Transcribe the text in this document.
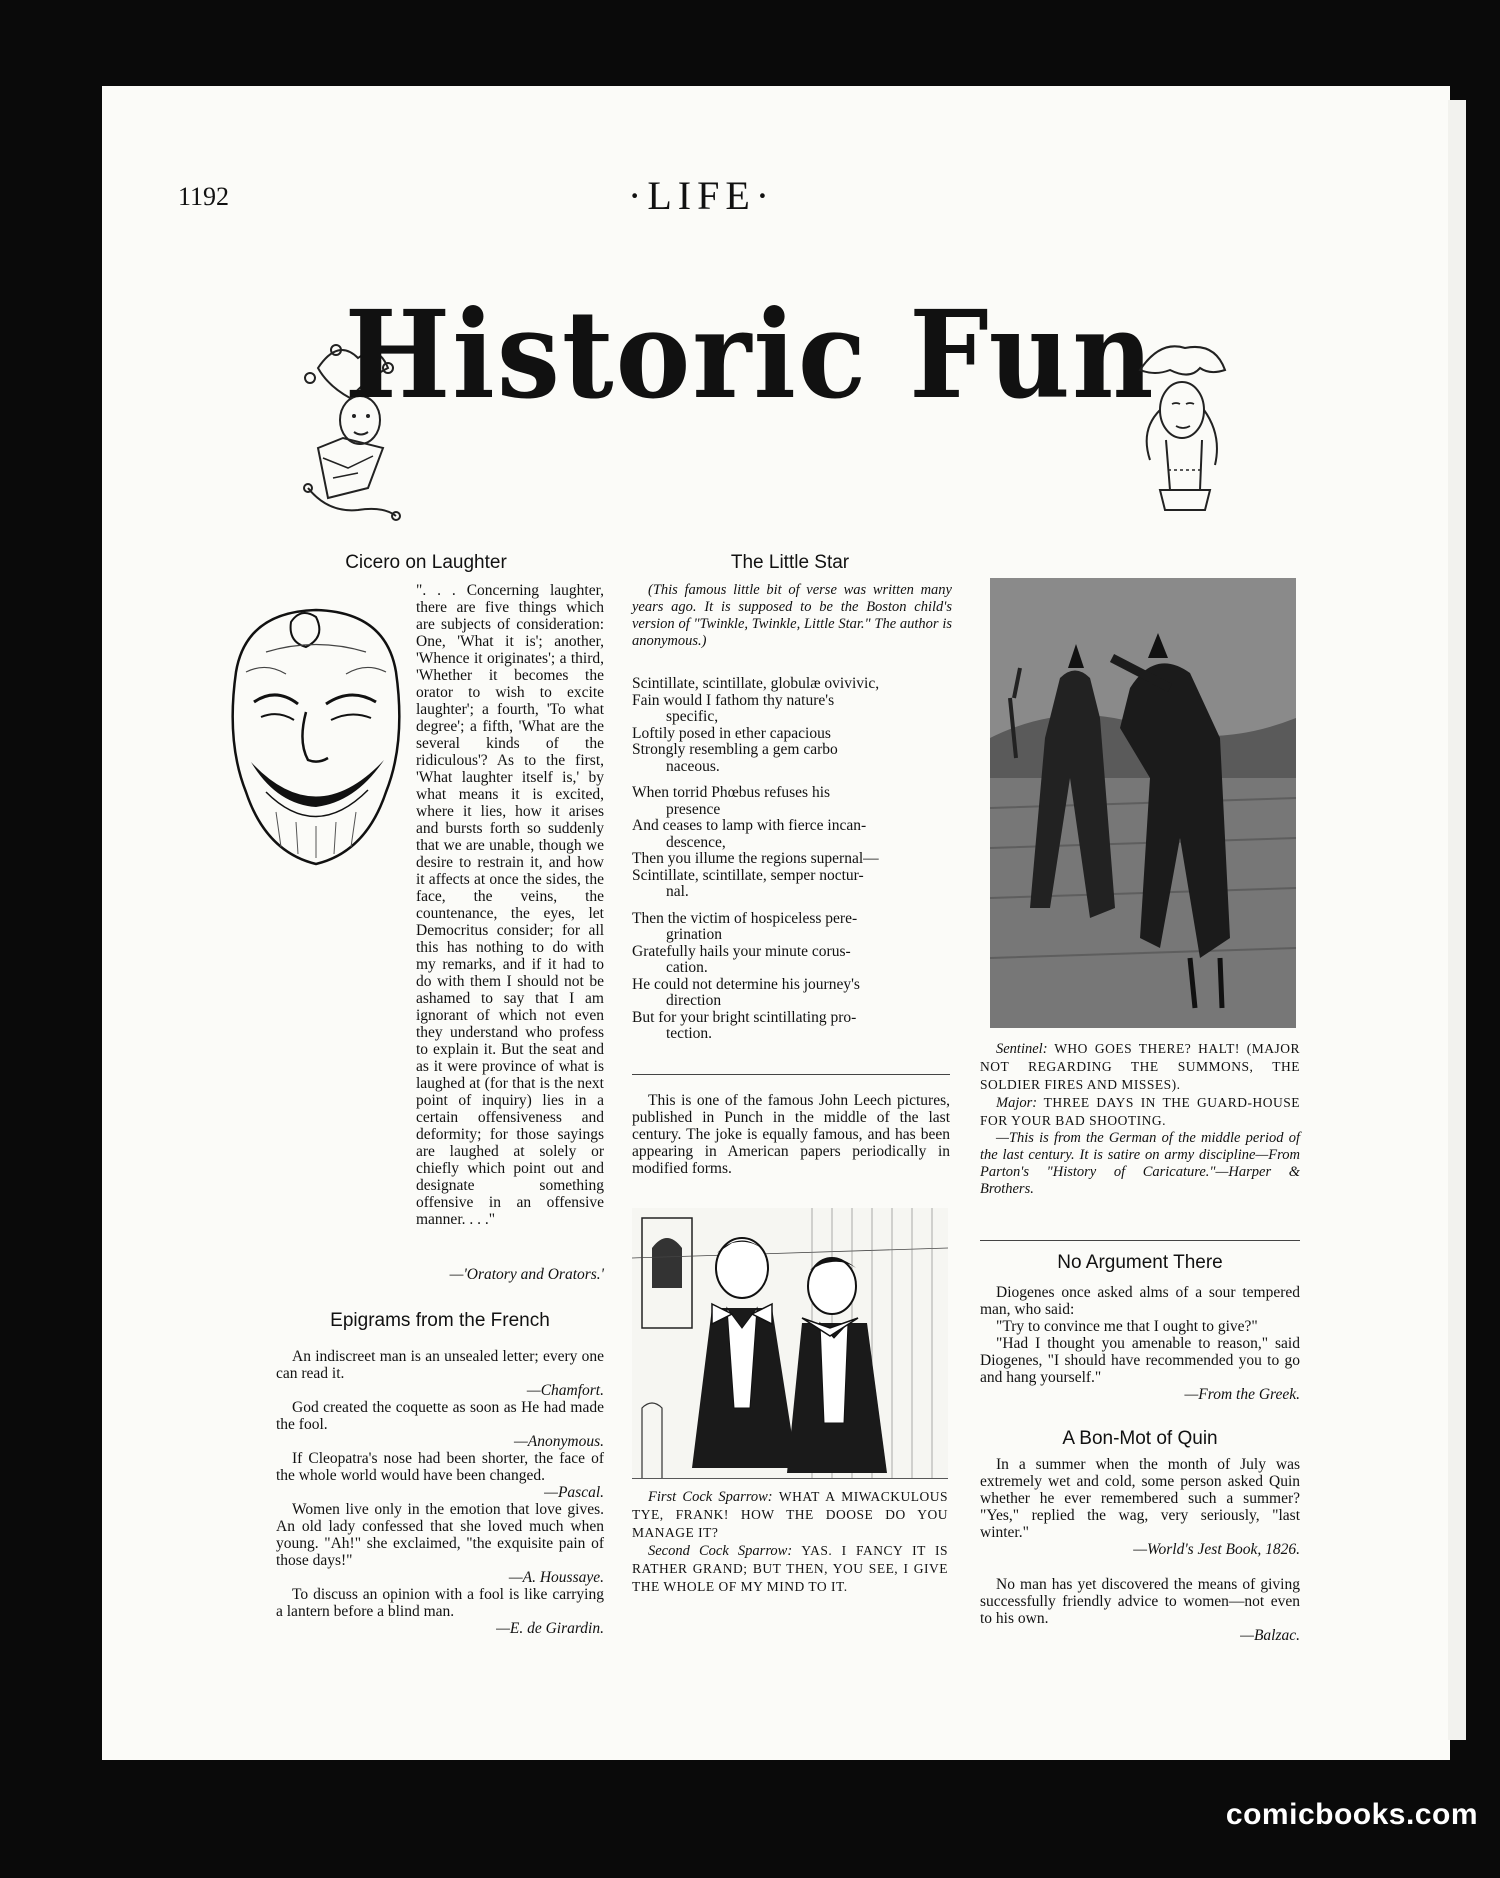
1192	·LIFE·
Historic Fun
Cicero on Laughter

". . . Concerning laughter, there are five things which are subjects of consideration: One, 'What it is'; another, 'Whence it originates'; a third, 'Whether it becomes the orator to wish to excite laughter'; a fourth, 'To what degree'; a fifth, 'What are the several kinds of the ridiculous'? As to the first, 'What laughter itself is,' by what means it is excited, where it lies, how it arises and bursts forth so suddenly that we are unable, though we desire to restrain it, and how it affects at once the sides, the face, the veins, the countenance, the eyes, let Democritus consider; for all this has nothing to do with my remarks, and if it had to do with them I should not be ashamed to say that I am ignorant of which not even they understand who profess to explain it. But the seat and as it were province of what is laughed at (for that is the next point of inquiry) lies in a certain offensiveness and deformity; for those sayings are laughed at solely or chiefly which point out and designate something offensive in an offensive manner. . . ."

—'Oratory and Orators.'
Epigrams from the French

An indiscreet man is an unsealed letter; every one can read it.

—Chamfort.

God created the coquette as soon as He had made the fool.

—Anonymous.

If Cleopatra's nose had been shorter, the face of the whole world would have been changed.

—Pascal.

Women live only in the emotion that love gives. An old lady confessed that she loved much when young. "Ah!" she exclaimed, "the exquisite pain of those days!"

—A. Houssaye.

To discuss an opinion with a fool is like carrying a lantern before a blind man.

—E. de Girardin.
The Little Star

(This famous little bit of verse was written many years ago. It is supposed to be the Boston child's version of "Twinkle, Twinkle, Little Star." The author is anonymous.)

Scintillate, scintillate, globulæ ovivivic,
Fain would I fathom thy nature's
specific,
Loftily posed in ether capacious
Strongly resembling a gem carbo
naceous.
When torrid Phœbus refuses his
presence
And ceases to lamp with fierce incan-
descence,
Then you illume the regions supernal—
Scintillate, scintillate, semper noctur-
nal.
Then the victim of hospiceless pere-
grination
Gratefully hails your minute corus-
cation.
He could not determine his journey's
direction
But for your bright scintillating pro-
tection.

This is one of the famous John Leech pictures, published in Punch in the middle of the last century. The joke is equally famous, and has been appearing in American papers periodically in modified forms.

First Cock Sparrow: WHAT A MIWACKULOUS TYE, FRANK! HOW THE DOOSE DO YOU MANAGE IT?

Second Cock Sparrow: YAS. I FANCY IT IS RATHER GRAND; BUT THEN, YOU SEE, I GIVE THE WHOLE OF MY MIND TO IT.

Sentinel: WHO GOES THERE? HALT! (MAJOR NOT REGARDING THE SUMMONS, THE SOLDIER FIRES AND MISSES).

Major: THREE DAYS IN THE GUARD-HOUSE FOR YOUR BAD SHOOTING.

—This is from the German of the middle period of the last century. It is satire on army discipline—From Parton's "History of Caricature."—Harper & Brothers.

No Argument There

Diogenes once asked alms of a sour tempered man, who said:

"Try to convince me that I ought to give?"

"Had I thought you amenable to reason," said Diogenes, "I should have recommended you to go and hang yourself."

—From the Greek.
A Bon-Mot of Quin

In a summer when the month of July was extremely wet and cold, some person asked Quin whether he ever remembered such a summer? "Yes," replied the wag, very seriously, "last winter."

—World's Jest Book, 1826.

No man has yet discovered the means of giving successfully friendly advice to women—not even to his own.

—Balzac.
comicbooks.com
